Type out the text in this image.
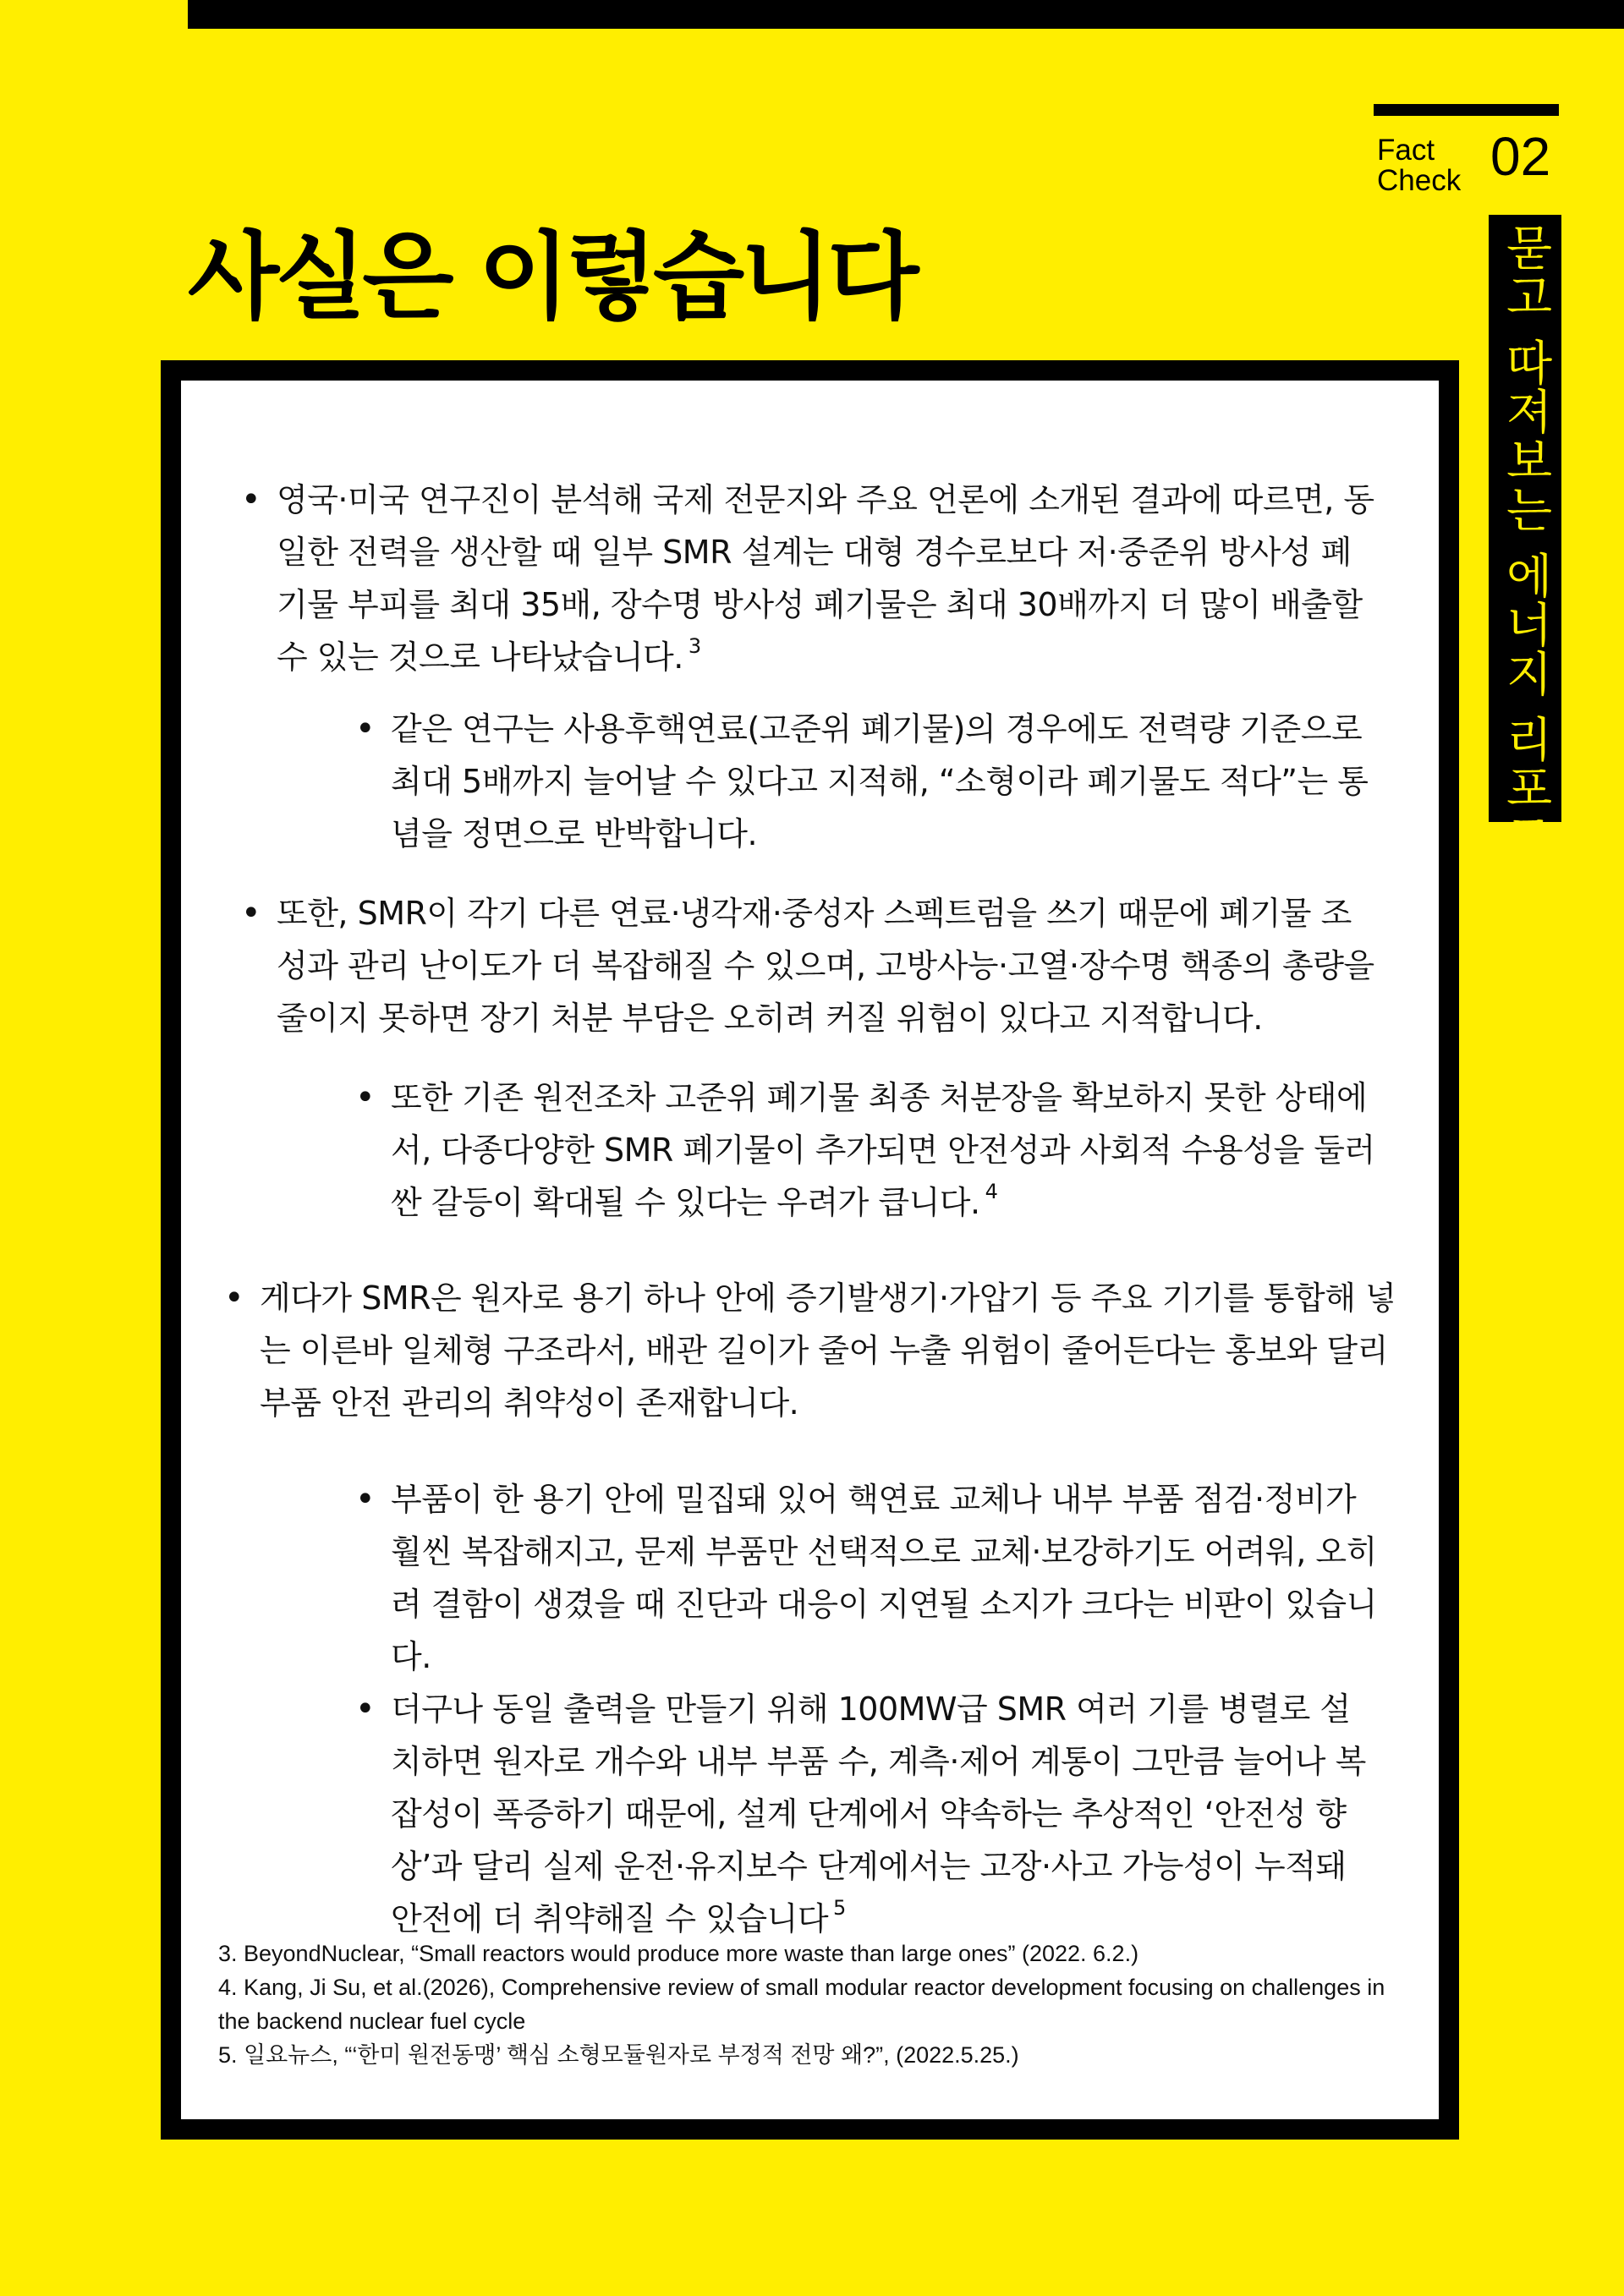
Fact
Check 02
묻고 따져보는 에너지 리포트
사실은 이렇습니다
• 영국·미국 연구진이 분석해 국제 전문지와 주요 언론에 소개된 결과에 따르면, 동일한 전력을 생산할 때 일부 SMR 설계는 대형 경수로보다 저·중준위 방사성 폐기물 부피를 최대 35배, 장수명 방사성 폐기물은 최대 30배까지 더 많이 배출할 수 있는 것으로 나타났습니다. $^3$
• 같은 연구는 사용후핵연료(고준위 폐기물)의 경우에도 전력량 기준으로 최대 5배까지 늘어날 수 있다고 지적해, “소형이라 폐기물도 적다”는 통념을 정면으로 반박합니다.
• 또한, SMR이 각기 다른 연료·냉각재·중성자 스펙트럼을 쓰기 때문에 폐기물 조성과 관리 난이도가 더 복잡해질 수 있으며, 고방사능·고열·장수명 핵종의 총량을 줄이지 못하면 장기 처분 부담은 오히려 커질 위험이 있다고 지적합니다.
• 또한 기존 원전조차 고준위 폐기물 최종 처분장을 확보하지 못한 상태에서, 다종다양한 SMR 폐기물이 추가되면 안전성과 사회적 수용성을 둘러싼 갈등이 확대될 수 있다는 우려가 큽니다. $^4$
• 게다가 SMR은 원자로 용기 하나 안에 증기발생기·가압기 등 주요 기기를 통합해 넣는 이른바 일체형 구조라서, 배관 길이가 줄어 누출 위험이 줄어든다는 홍보와 달리 부품 안전 관리의 취약성이 존재합니다.
• 부품이 한 용기 안에 밀집돼 있어 핵연료 교체나 내부 부품 점검·정비가 훨씬 복잡해지고, 문제 부품만 선택적으로 교체·보강하기도 어려워, 오히려 결함이 생겼을 때 진단과 대응이 지연될 소지가 크다는 비판이 있습니다.
• 더구나 동일 출력을 만들기 위해 100MW급 SMR 여러 기를 병렬로 설치하면 원자로 개수와 내부 부품 수, 계측·제어 계통이 그만큼 늘어나 복잡성이 폭증하기 때문에, 설계 단계에서 약속하는 추상적인 ‘안전성 향상’과 달리 실제 운전·유지보수 단계에서는 고장·사고 가능성이 누적돼 안전에 더 취약해질 수 있습니다 $^5$
3. BeyondNuclear, “Small reactors would produce more waste than large ones” (2022. 6.2.)
4. Kang, Ji Su, et al.(2026), Comprehensive review of small modular reactor development focusing on challenges in the backend nuclear fuel cycle
5. 일요뉴스, “‘한미 원전동맹’ 핵심 소형모듈원자로 부정적 전망 왜?”, (2022.5.25.)
